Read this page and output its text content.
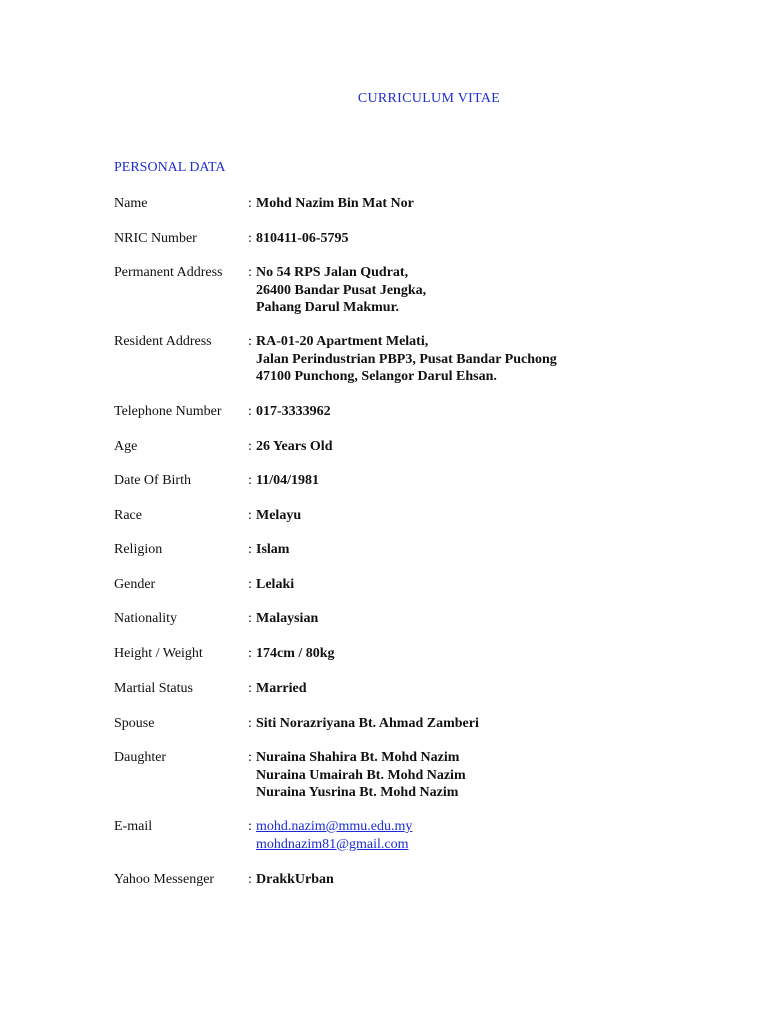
CURRICULUM VITAE
PERSONAL DATA
Name	: Mohd Nazim Bin Mat Nor
NRIC Number	: 810411-06-5795
Permanent Address	: No 54 RPS Jalan Qudrat,
26400 Bandar Pusat Jengka,
Pahang Darul Makmur.
Resident Address	: RA-01-20 Apartment Melati,
Jalan Perindustrian PBP3, Pusat Bandar Puchong
47100 Punchong, Selangor Darul Ehsan.
Telephone Number	: 017-3333962
Age	: 26 Years Old
Date Of Birth	: 11/04/1981
Race	: Melayu
Religion	: Islam
Gender	: Lelaki
Nationality	: Malaysian
Height / Weight	: 174cm / 80kg
Martial Status	: Married
Spouse	: Siti Norazriyana Bt. Ahmad Zamberi
Daughter	: Nuraina Shahira Bt. Mohd Nazim
Nuraina Umairah Bt. Mohd Nazim
Nuraina Yusrina Bt. Mohd Nazim
E-mail	: mohd.nazim@mmu.edu.my
mohdnazim81@gmail.com
Yahoo Messenger	: DrakkUrban
